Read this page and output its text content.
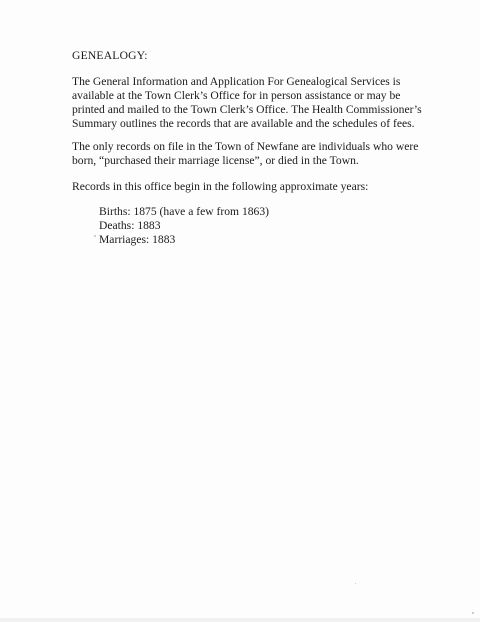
GENEALOGY:
The General Information and Application For Genealogical Services is
available at the Town Clerk’s Office for in person assistance or may be
printed and mailed to the Town Clerk’s Office. The Health Commissioner’s
Summary outlines the records that are available and the schedules of fees.
The only records on file in the Town of Newfane are individuals who were
born, “purchased their marriage license”, or died in the Town.
Records in this office begin in the following approximate years:
Births: 1875 (have a few from 1863)
Deaths: 1883
Marriages: 1883
